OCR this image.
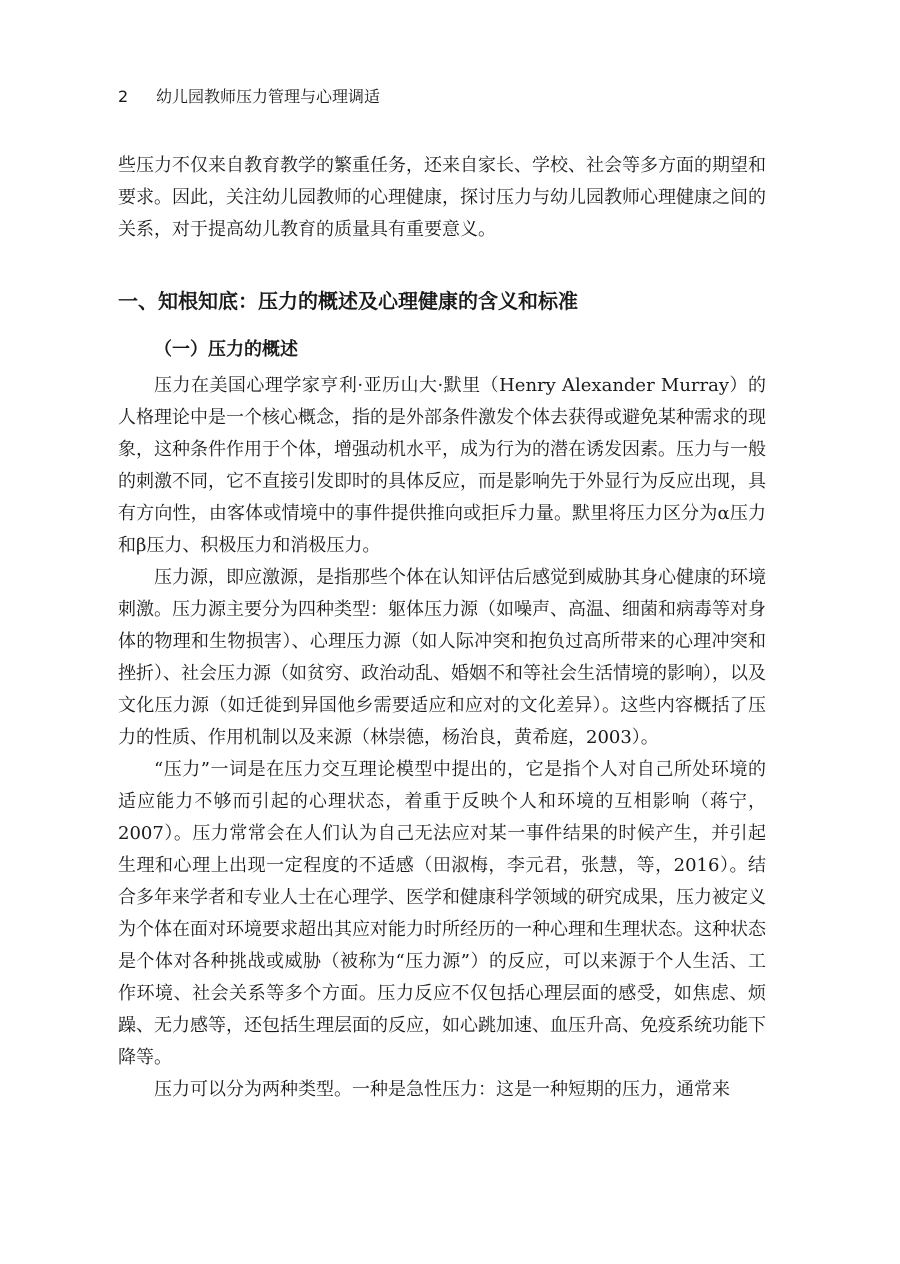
2 幼儿园教师压力管理与心理调适

些压力不仅来自教育教学的繁重任务，还来自家长、学校、社会等多方面的期望和要求。因此，关注幼儿园教师的心理健康，探讨压力与幼儿园教师心理健康之间的关系，对于提高幼儿教育的质量具有重要意义。

一、知根知底：压力的概述及心理健康的含义和标准
（一）压力的概述

压力在美国心理学家亨利·亚历山大·默里（Henry Alexander Murray）的人格理论中是一个核心概念，指的是外部条件激发个体去获得或避免某种需求的现象，这种条件作用于个体，增强动机水平，成为行为的潜在诱发因素。压力与一般的刺激不同，它不直接引发即时的具体反应，而是影响先于外显行为反应出现，具有方向性，由客体或情境中的事件提供推向或拒斥力量。默里将压力区分为α压力和β压力、积极压力和消极压力。

压力源，即应激源，是指那些个体在认知评估后感觉到威胁其身心健康的环境刺激。压力源主要分为四种类型：躯体压力源（如噪声、高温、细菌和病毒等对身体的物理和生物损害）、心理压力源（如人际冲突和抱负过高所带来的心理冲突和挫折）、社会压力源（如贫穷、政治动乱、婚姻不和等社会生活情境的影响），以及文化压力源（如迁徙到异国他乡需要适应和应对的文化差异）。这些内容概括了压力的性质、作用机制以及来源（林崇德，杨治良，黄希庭，2003）。

“压力”一词是在压力交互理论模型中提出的，它是指个人对自己所处环境的适应能力不够而引起的心理状态，着重于反映个人和环境的互相影响（蒋宁，2007）。压力常常会在人们认为自己无法应对某一事件结果的时候产生，并引起生理和心理上出现一定程度的不适感（田淑梅，李元君，张慧，等，2016）。结合多年来学者和专业人士在心理学、医学和健康科学领域的研究成果，压力被定义为个体在面对环境要求超出其应对能力时所经历的一种心理和生理状态。这种状态是个体对各种挑战或威胁（被称为“压力源”）的反应，可以来源于个人生活、工作环境、社会关系等多个方面。压力反应不仅包括心理层面的感受，如焦虑、烦躁、无力感等，还包括生理层面的反应，如心跳加速、血压升高、免疫系统功能下降等。

压力可以分为两种类型。一种是急性压力：这是一种短期的压力，通常来
